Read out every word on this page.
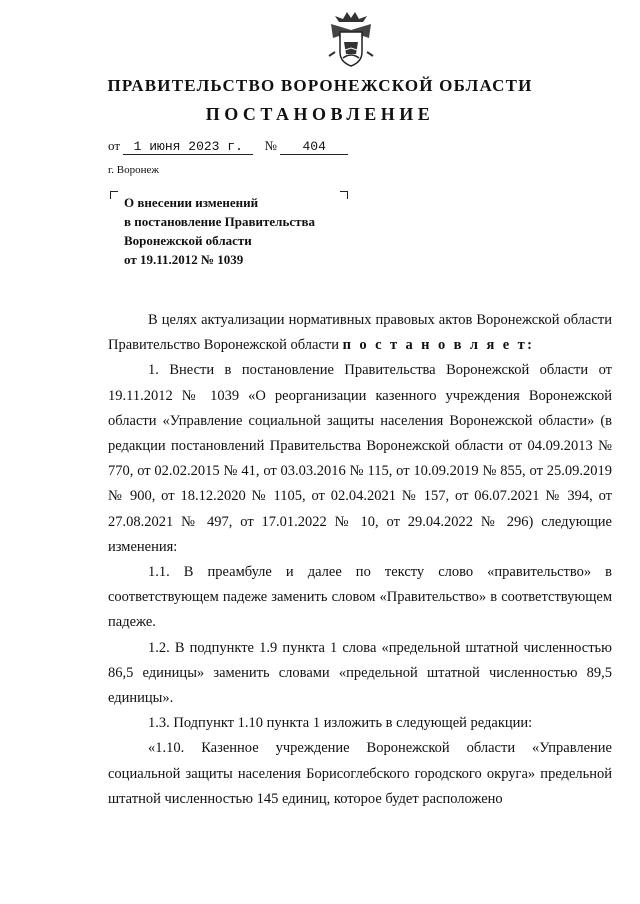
ПРАВИТЕЛЬСТВО ВОРОНЕЖСКОЙ ОБЛАСТИ
ПОСТАНОВЛЕНИЕ
от 1 июня 2023 г. № 404
г. Воронеж
О внесении изменений
в постановление Правительства
Воронежской области
от 19.11.2012 № 1039

В целях актуализации нормативных правовых актов Воронежской области Правительство Воронежской области п о с т а н о в л я е т:

1. Внести в постановление Правительства Воронежской области от 19.11.2012 № 1039 «О реорганизации казенного учреждения Воронежской области «Управление социальной защиты населения Воронежской области» (в редакции постановлений Правительства Воронежской области от 04.09.2013 № 770, от 02.02.2015 № 41, от 03.03.2016 № 115, от 10.09.2019 № 855, от 25.09.2019 № 900, от 18.12.2020 № 1105, от 02.04.2021 № 157, от 06.07.2021 № 394, от 27.08.2021 № 497, от 17.01.2022 № 10, от 29.04.2022 № 296) следующие изменения:

1.1. В преамбуле и далее по тексту слово «правительство» в соответствующем падеже заменить словом «Правительство» в соответствующем падеже.

1.2. В подпункте 1.9 пункта 1 слова «предельной штатной численностью 86,5 единицы» заменить словами «предельной штатной численностью 89,5 единицы».

1.3. Подпункт 1.10 пункта 1 изложить в следующей редакции:

«1.10. Казенное учреждение Воронежской области «Управление социальной защиты населения Борисоглебского городского округа» предельной штатной численностью 145 единиц, которое будет расположено
